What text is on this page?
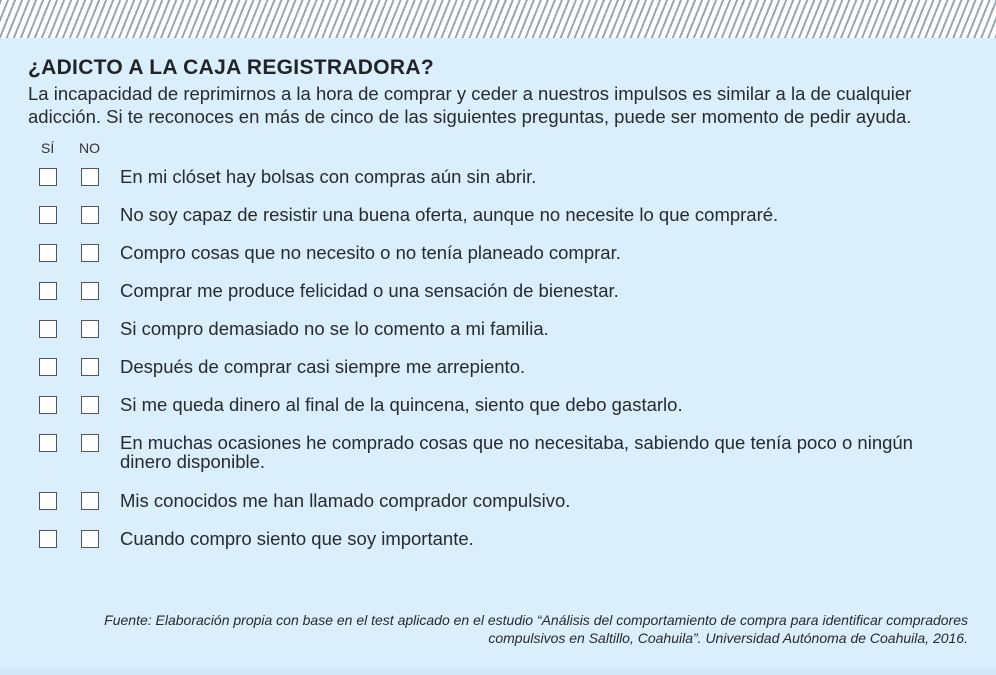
¿ADICTO A LA CAJA REGISTRADORA?

La incapacidad de reprimirnos a la hora de comprar y ceder a nuestros impulsos es similar a la de cualquier adicción. Si te reconoces en más de cinco de las siguientes preguntas, puede ser momento de pedir ayuda.

SÍ NO
En mi clóset hay bolsas con compras aún sin abrir.
No soy capaz de resistir una buena oferta, aunque no necesite lo que compraré.
Compro cosas que no necesito o no tenía planeado comprar.
Comprar me produce felicidad o una sensación de bienestar.
Si compro demasiado no se lo comento a mi familia.
Después de comprar casi siempre me arrepiento.
Si me queda dinero al final de la quincena, siento que debo gastarlo.
En muchas ocasiones he comprado cosas que no necesitaba, sabiendo que tenía poco o ningún dinero disponible.
Mis conocidos me han llamado comprador compulsivo.
Cuando compro siento que soy importante.

Fuente: Elaboración propia con base en el test aplicado en el estudio “Análisis del comportamiento de compra para identificar compradores compulsivos en Saltillo, Coahuila”. Universidad Autónoma de Coahuila, 2016.
